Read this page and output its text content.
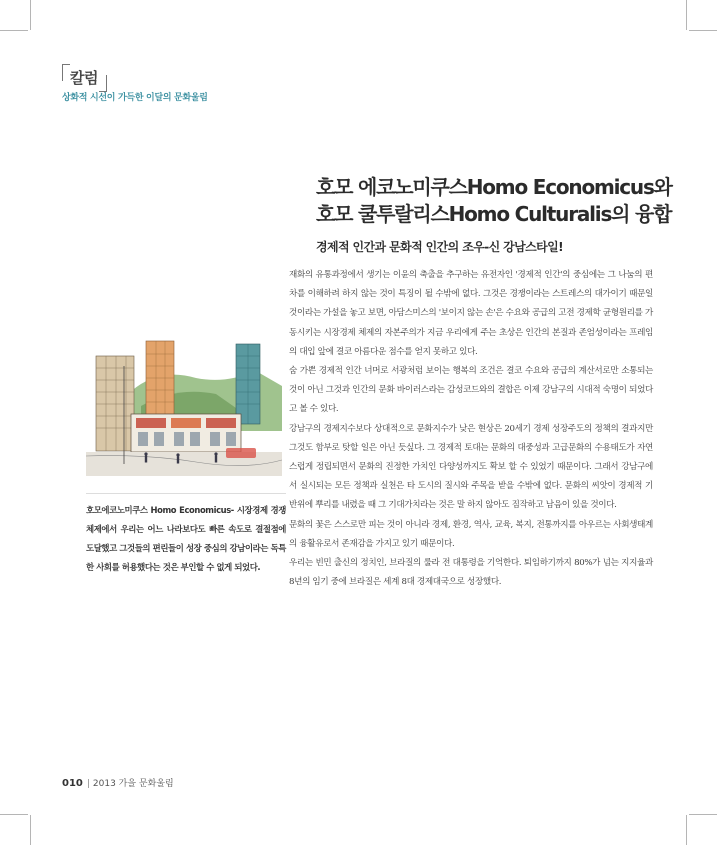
칼럼
상화적 시선이 가득한 이달의 문화울림
호모 에코노미쿠스Homo Economicus와
호모 쿨투랄리스Homo Culturalis의 융합
경제적 인간과 문화적 인간의 조우-신 강남스타일!

호모에코노미쿠스 Homo Economicus- 시장경제 경쟁 체제에서 우리는 어느 나라보다도 빠른 속도로 결절점에 도달했고 그것들의 편린들이 성장 중심의 강남이라는 독특한 사회를 허용했다는 것은 부인할 수 없게 되었다.

재화의 유통과정에서 생기는 이윤의 축출을 추구하는 유전자인 '경제적 인간'의 중심에는 그 나눔의 편차를 이해하려 하지 않는 것이 특징이 될 수밖에 없다. 그것은 경쟁이라는 스트레스의 대가이기 때문일 것이라는 가설을 놓고 보면, 아담스미스의 '보이지 않는 손'은 수요와 공급의 고전 경제학 균형원리를 가동시키는 시장경제 체제의 자본주의가 지금 우리에게 주는 초상은 인간의 본질과 존엄성이라는 프레임의 대입 앞에 결코 아름다운 점수를 얻지 못하고 있다.

숨 가쁜 경제적 인간 너머로 서광처럼 보이는 행복의 조건은 결코 수요와 공급의 계산서로만 소통되는 것이 아닌 그것과 인간의 문화 바이러스라는 감성코드와의 결합은 이제 강남구의 시대적 숙명이 되었다고 볼 수 있다.

강남구의 경제지수보다 상대적으로 문화지수가 낮은 현상은 20세기 경제 성장주도의 정책의 결과지만 그것도 함부로 탓할 일은 아닌 듯싶다. 그 경제적 토대는 문화의 대중성과 고급문화의 수용태도가 자연스럽게 정립되면서 문화의 진정한 가치인 다양성까지도 확보 할 수 있었기 때문이다. 그래서 강남구에서 실시되는 모든 정책과 실천은 타 도시의 질시와 주목을 받을 수밖에 없다. 문화의 씨앗이 경제적 기반위에 뿌리를 내렸을 때 그 기대가치라는 것은 말 하지 않아도 짐작하고 남음이 있을 것이다.

문화의 꽃은 스스로만 피는 것이 아니라 경제, 환경, 역사, 교육, 복지, 전통까지를 아우르는 사회생태계의 융활유로서 존재감을 가지고 있기 때문이다.

우리는 빈민 출신의 정치인, 브라질의 룰라 전 대통령을 기억한다. 퇴임하기까지 80%가 넘는 지지율과 8년의 임기 중에 브라질은 세계 8대 경제대국으로 성장했다.

010 | 2013 가을 문화울림
